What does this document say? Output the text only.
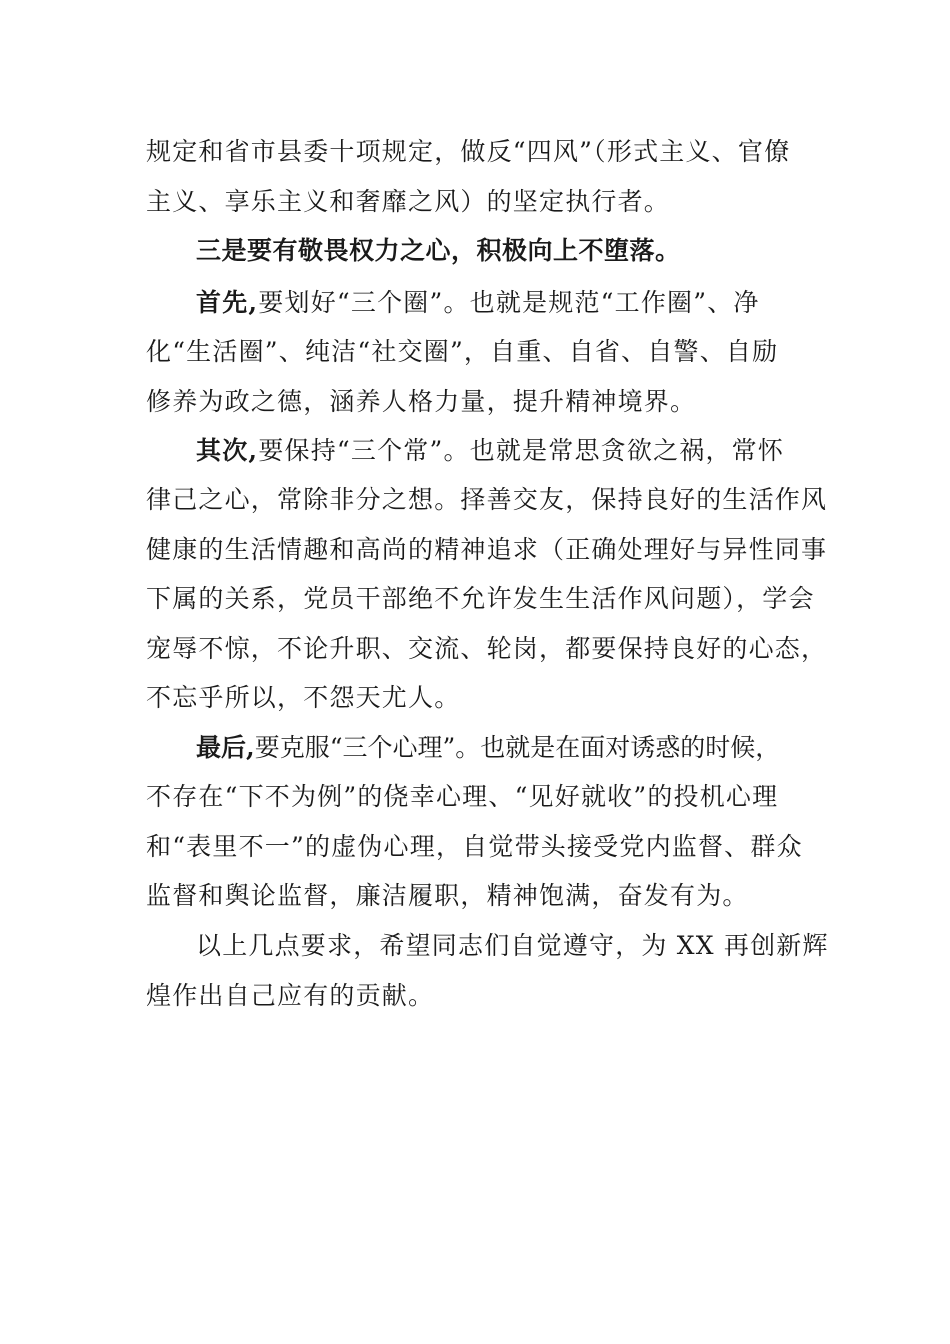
规定和省市县委十项规定，做反“四风”（形式主义、官僚
主义、享乐主义和奢靡之风）的坚定执行者。
三是要有敬畏权力之心，积极向上不堕落。
首先,要划好“三个圈”。也就是规范“工作圈”、净
化“生活圈”、纯洁“社交圈”，自重、自省、自警、自励
修养为政之德，涵养人格力量，提升精神境界。
其次,要保持“三个常”。也就是常思贪欲之祸，常怀
律己之心，常除非分之想。择善交友，保持良好的生活作风
健康的生活情趣和高尚的精神追求（正确处理好与异性同事
下属的关系，党员干部绝不允许发生生活作风问题），学会
宠辱不惊，不论升职、交流、轮岗，都要保持良好的心态，
不忘乎所以，不怨天尤人。
最后,要克服“三个心理”。也就是在面对诱惑的时候，
不存在“下不为例”的侥幸心理、“见好就收”的投机心理
和“表里不一”的虚伪心理，自觉带头接受党内监督、群众
监督和舆论监督，廉洁履职，精神饱满，奋发有为。
以上几点要求，希望同志们自觉遵守，为 XX 再创新辉
煌作出自己应有的贡献。
